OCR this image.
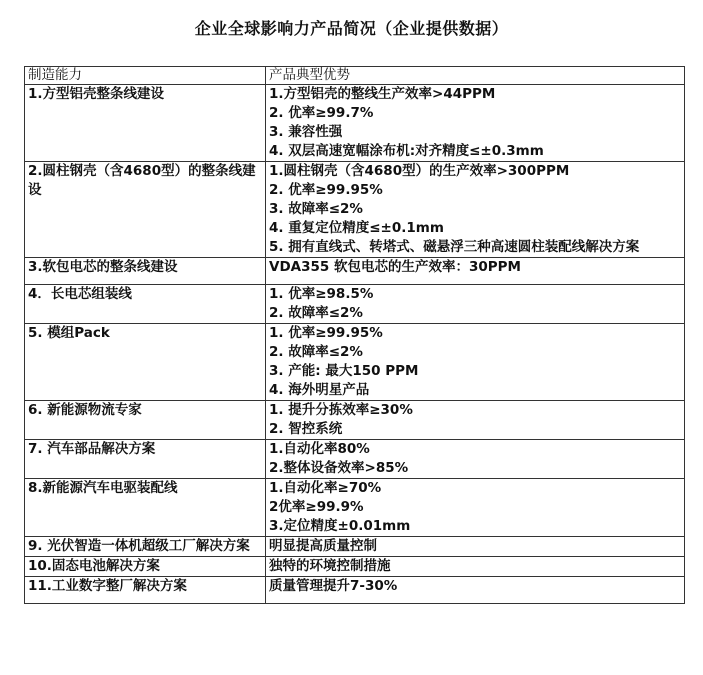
企业全球影响力产品简况（企业提供数据）
制造能力	产品典型优势

1.方型铝壳整条线建设	1.方型铝壳的整线生产效率>44PPM
2. 优率≥99.7%
3. 兼容性强
4. 双层高速宽幅涂布机:对齐精度≤±0.3mm

2.圆柱钢壳（含4680型）的整条线建设	1.圆柱钢壳（含4680型）的生产效率>300PPM
2. 优率≥99.95%
3. 故障率≤2%
4. 重复定位精度≤±0.1mm
5. 拥有直线式、转塔式、磁悬浮三种高速圆柱装配线解决方案

3.软包电芯的整条线建设	VDA355 软包电芯的生产效率：30PPM

4．长电芯组装线	1. 优率≥98.5%
2. 故障率≤2%

5. 模组Pack	1. 优率≥99.95%
2. 故障率≤2%
3. 产能: 最大150 PPM
4. 海外明星产品

6. 新能源物流专家	1. 提升分拣效率≥30%
2. 智控系统

7. 汽车部品解决方案	1.自动化率80%
2.整体设备效率>85%

8.新能源汽车电驱装配线	1.自动化率≥70%
2优率≥99.9%
3.定位精度±0.01mm

9. 光伏智造一体机超级工厂解决方案	明显提高质量控制

10.固态电池解决方案	独特的环境控制措施

11.工业数字整厂解决方案	质量管理提升7-30%
